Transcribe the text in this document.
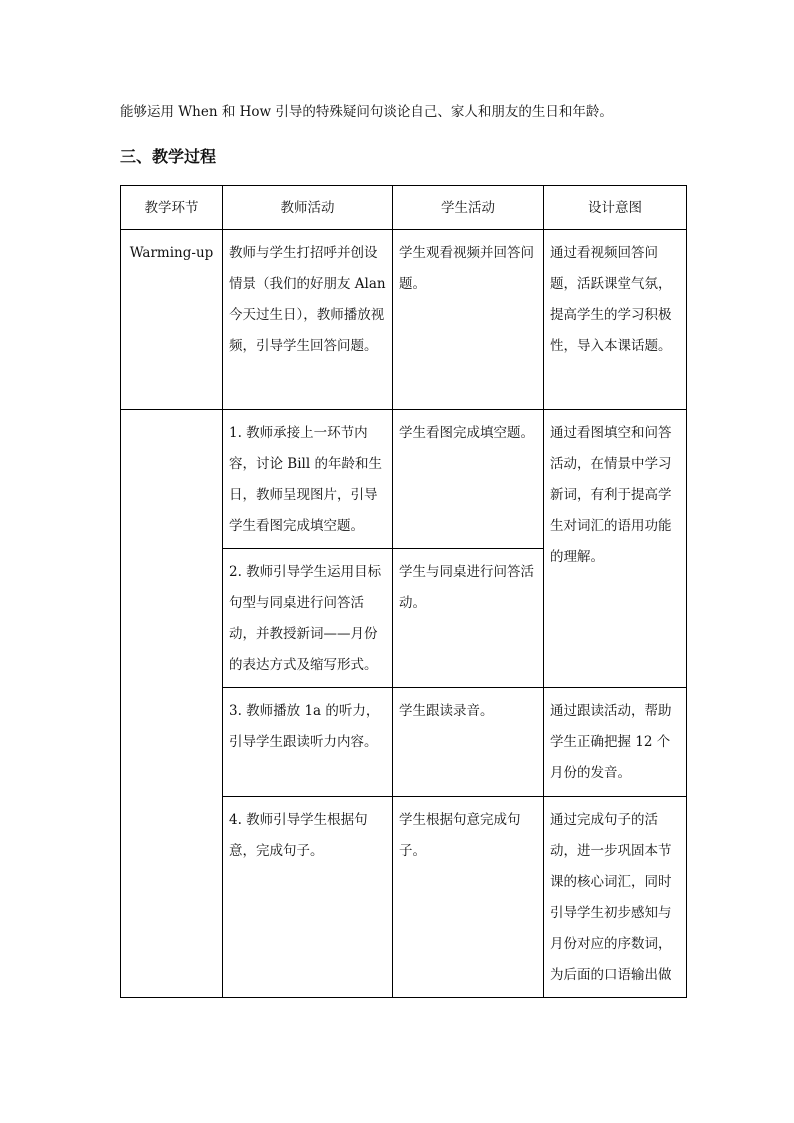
能够运用 When 和 How 引导的特殊疑问句谈论自己、家人和朋友的生日和年龄。
三、教学过程
教学环节	教师活动	学生活动	设计意图
Warming-up	教师与学生打招呼并创设情景（我们的好朋友 Alan 今天过生日），教师播放视频，引导学生回答问题。	学生观看视频并回答问题。	通过看视频回答问题，活跃课堂气氛，提高学生的学习积极性，导入本课话题。
	1. 教师承接上一环节内容，讨论 Bill 的年龄和生日，教师呈现图片，引导学生看图完成填空题。	学生看图完成填空题。	通过看图填空和问答活动，在情景中学习新词，有利于提高学生对词汇的语用功能的理解。
	2. 教师引导学生运用目标句型与同桌进行问答活动，并教授新词——月份的表达方式及缩写形式。	学生与同桌进行问答活动。	
	3. 教师播放 1a 的听力，引导学生跟读听力内容。	学生跟读录音。	通过跟读活动，帮助学生正确把握 12 个月份的发音。
	4. 教师引导学生根据句意，完成句子。	学生根据句意完成句子。	通过完成句子的活动，进一步巩固本节课的核心词汇，同时引导学生初步感知与月份对应的序数词，为后面的口语输出做
